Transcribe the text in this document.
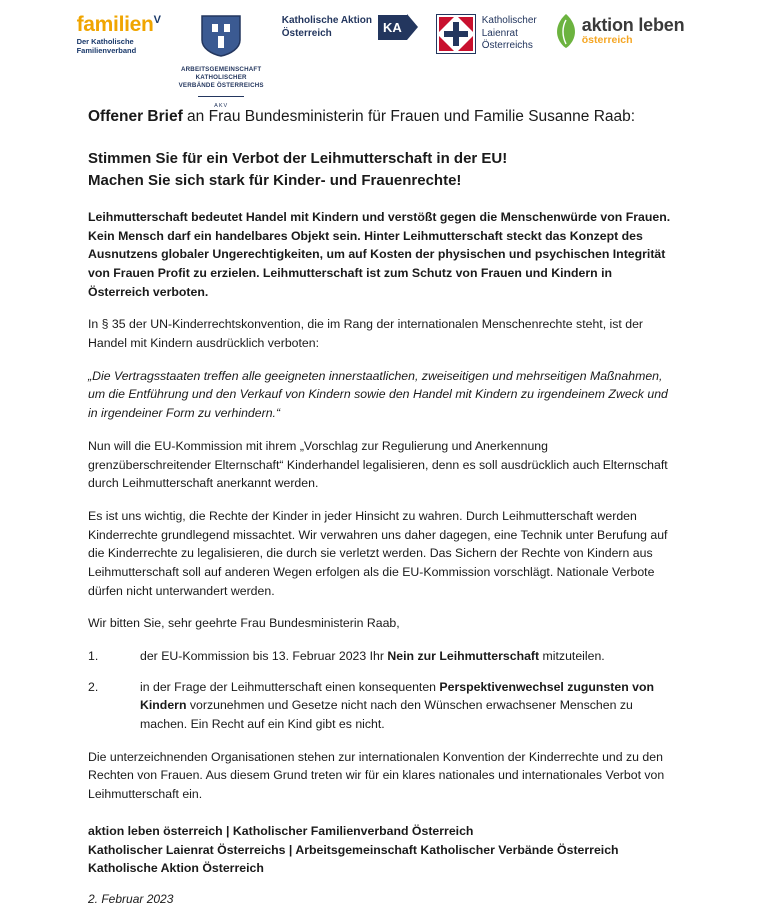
familien$^V$
Der Katholische
Familienverband
ARBEITSGEMEINSCHAFT
KATHOLISCHER
VERBÄNDE ÖSTERREICHS
AKV
Katholische Aktion
Österreich	KA	Katholischer
Laienrat
Österreichs
aktion leben
österreich

Offener Brief an Frau Bundesministerin für Frauen und Familie Susanne Raab:

Stimmen Sie für ein Verbot der Leihmutterschaft in der EU!
Machen Sie sich stark für Kinder- und Frauenrechte!

Leihmutterschaft bedeutet Handel mit Kindern und verstößt gegen die Menschenwürde von Frauen. Kein Mensch darf ein handelbares Objekt sein. Hinter Leihmutterschaft steckt das Konzept des Ausnutzens globaler Ungerechtigkeiten, um auf Kosten der physischen und psychischen Integrität von Frauen Profit zu erzielen. Leihmutterschaft ist zum Schutz von Frauen und Kindern in Österreich verboten.

In § 35 der UN-Kinderrechtskonvention, die im Rang der internationalen Menschenrechte steht, ist der Handel mit Kindern ausdrücklich verboten:

„Die Vertragsstaaten treffen alle geeigneten innerstaatlichen, zweiseitigen und mehrseitigen Maßnahmen, um die Entführung und den Verkauf von Kindern sowie den Handel mit Kindern zu irgendeinem Zweck und in irgendeiner Form zu verhindern.“

Nun will die EU-Kommission mit ihrem „Vorschlag zur Regulierung und Anerkennung grenzüberschreitender Elternschaft“ Kinderhandel legalisieren, denn es soll ausdrücklich auch Elternschaft durch Leihmutterschaft anerkannt werden.

Es ist uns wichtig, die Rechte der Kinder in jeder Hinsicht zu wahren. Durch Leihmutterschaft werden Kinderrechte grundlegend missachtet. Wir verwahren uns daher dagegen, eine Technik unter Berufung auf die Kinderrechte zu legalisieren, die durch sie verletzt werden. Das Sichern der Rechte von Kindern aus Leihmutterschaft soll auf anderen Wegen erfolgen als die EU-Kommission vorschlägt. Nationale Verbote dürfen nicht unterwandert werden.

Wir bitten Sie, sehr geehrte Frau Bundesministerin Raab,

1.	der EU-Kommission bis 13. Februar 2023 Ihr Nein zur Leihmutterschaft mitzuteilen.
2.	in der Frage der Leihmutterschaft einen konsequenten Perspektivenwechsel zugunsten von Kindern vorzunehmen und Gesetze nicht nach den Wünschen erwachsener Menschen zu machen. Ein Recht auf ein Kind gibt es nicht.

Die unterzeichnenden Organisationen stehen zur internationalen Konvention der Kinderrechte und zu den Rechten von Frauen. Aus diesem Grund treten wir für ein klares nationales und internationales Verbot von Leihmutterschaft ein.

aktion leben österreich | Katholischer Familienverband Österreich
Katholischer Laienrat Österreichs | Arbeitsgemeinschaft Katholischer Verbände Österreich
Katholische Aktion Österreich

2. Februar 2023
